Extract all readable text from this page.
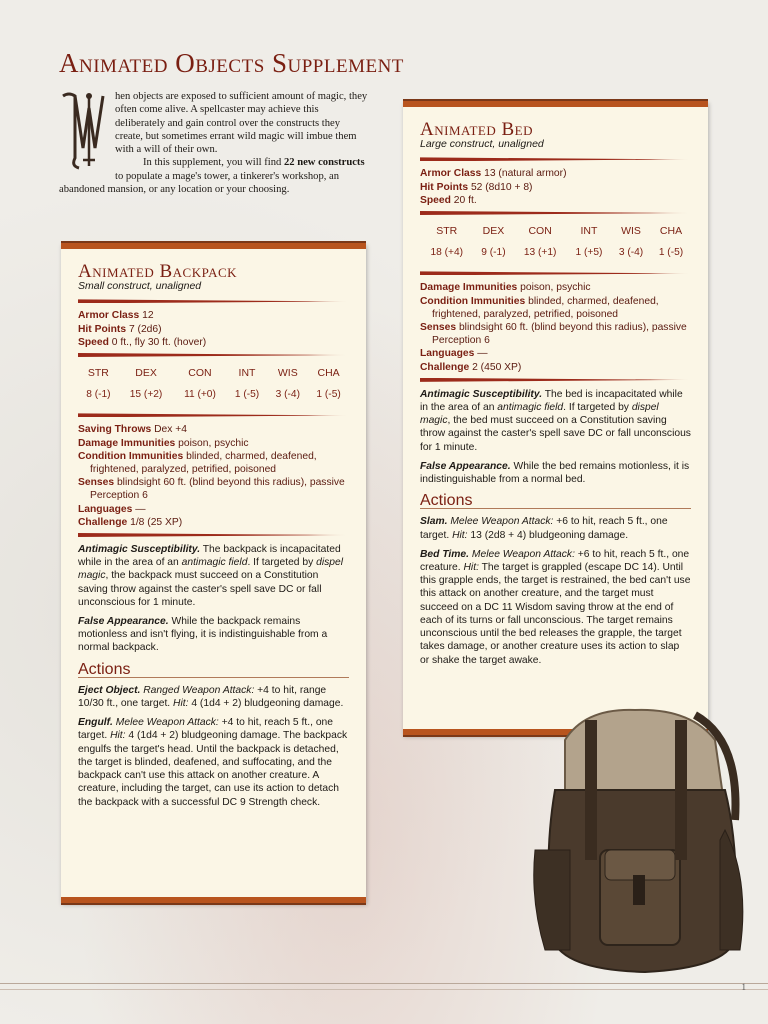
Animated Objects Supplement

hen objects are exposed to sufficient amount of magic, they often come alive. A spellcaster may achieve this deliberately and gain control over the constructs they create, but sometimes errant wild magic will imbue them with a will of their own.

In this supplement, you will find 22 new constructs to populate a mage's tower, a tinkerer's workshop, an abandoned mansion, or any location or your choosing.

Animated Backpack
Small construct, unaligned
Armor Class 12
Hit Points 7 (2d6)
Speed 0 ft., fly 30 ft. (hover)
STR	DEX	CON	INT	WIS	CHA
8 (-1)	15 (+2)	11 (+0)	1 (-5)	3 (-4)	1 (-5)
Saving Throws Dex +4
Damage Immunities poison, psychic
Condition Immunities blinded, charmed, deafened, frightened, paralyzed, petrified, poisoned
Senses blindsight 60 ft. (blind beyond this radius), passive Perception 6
Languages —
Challenge 1/8 (25 XP)
Antimagic Susceptibility. The backpack is incapacitated while in the area of an antimagic field. If targeted by dispel magic, the backpack must succeed on a Constitution saving throw against the caster's spell save DC or fall unconscious for 1 minute.
False Appearance. While the backpack remains motionless and isn't flying, it is indistinguishable from a normal backpack.
Actions
Eject Object. Ranged Weapon Attack: +4 to hit, range 10/30 ft., one target. Hit: 4 (1d4 + 2) bludgeoning damage.
Engulf. Melee Weapon Attack: +4 to hit, reach 5 ft., one target. Hit: 4 (1d4 + 2) bludgeoning damage. The backpack engulfs the target's head. Until the backpack is detached, the target is blinded, deafened, and suffocating, and the backpack can't use this attack on another creature. A creature, including the target, can use its action to detach the backpack with a successful DC 9 Strength check.
Animated Bed
Large construct, unaligned
Armor Class 13 (natural armor)
Hit Points 52 (8d10 + 8)
Speed 20 ft.
STR	DEX	CON	INT	WIS	CHA
18 (+4)	9 (-1)	13 (+1)	1 (+5)	3 (-4)	1 (-5)
Damage Immunities poison, psychic
Condition Immunities blinded, charmed, deafened, frightened, paralyzed, petrified, poisoned
Senses blindsight 60 ft. (blind beyond this radius), passive Perception 6
Languages —
Challenge 2 (450 XP)
Antimagic Susceptibility. The bed is incapacitated while in the area of an antimagic field. If targeted by dispel magic, the bed must succeed on a Constitution saving throw against the caster's spell save DC or fall unconscious for 1 minute.
False Appearance. While the bed remains motionless, it is indistinguishable from a normal bed.
Actions
Slam. Melee Weapon Attack: +6 to hit, reach 5 ft., one target. Hit: 13 (2d8 + 4) bludgeoning damage.
Bed Time. Melee Weapon Attack: +6 to hit, reach 5 ft., one creature. Hit: The target is grappled (escape DC 14). Until this grapple ends, the target is restrained, the bed can't use this attack on another creature, and the target must succeed on a DC 11 Wisdom saving throw at the end of each of its turns or fall unconscious. The target remains unconscious until the bed releases the grapple, the target takes damage, or another creature uses its action to slap or shake the target awake.
1
